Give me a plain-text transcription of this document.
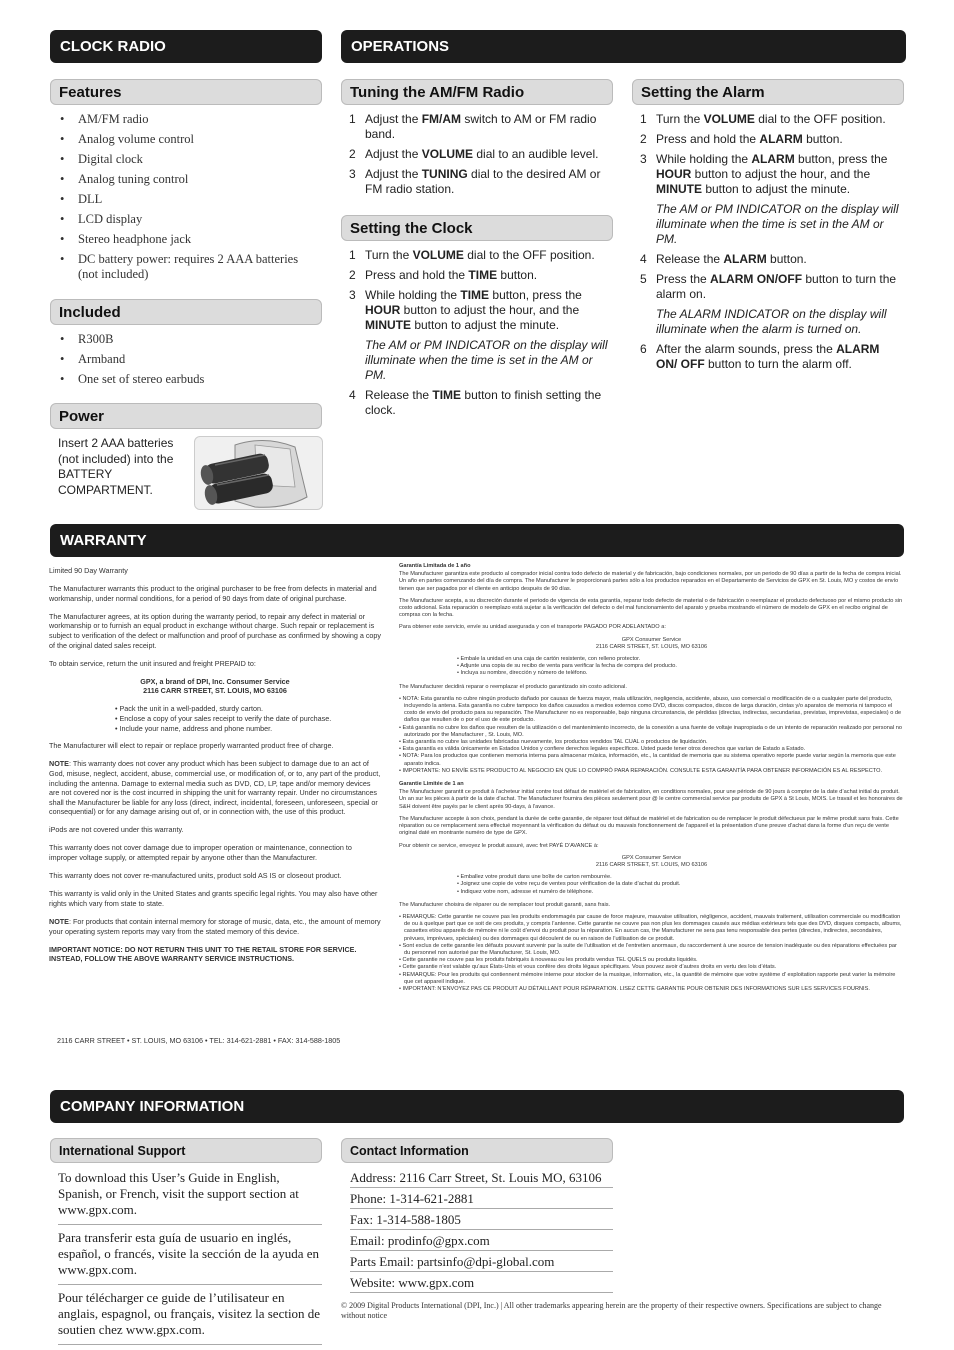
CLOCK RADIO	OPERATIONS
Features
• AM/FM radio
• Analog volume control
• Digital clock
• Analog tuning control
• DLL
• LCD display
• Stereo headphone jack
• DC battery power: requires 2 AAA batteries (not included)
Included
• R300B
• Armband
• One set of stereo earbuds
Power
Insert 2 AAA batteries (not included) into the BATTERY COMPARTMENT.
Tuning the AM/FM Radio
1 Adjust the FM/AM switch to AM or FM radio band.
2 Adjust the VOLUME dial to an audible level.
3 Adjust the TUNING dial to the desired AM or FM radio station.
Setting the Clock
1 Turn the VOLUME dial to the OFF position.
2 Press and hold the TIME button.
3 While holding the TIME button, press the HOUR button to adjust the hour, and the MINUTE button to adjust the minute.
The AM or PM INDICATOR on the display will illuminate when the time is set in the AM or PM.
4 Release the TIME button to finish setting the clock.
Setting the Alarm
1 Turn the VOLUME dial to the OFF position.
2 Press and hold the ALARM button.
3 While holding the ALARM button, press the HOUR button to adjust the hour, and the MINUTE button to adjust the minute.
The AM or PM INDICATOR on the display will illuminate when the time is set in the AM or PM.
4 Release the ALARM button.
5 Press the ALARM ON/OFF button to turn the alarm on.
The ALARM INDICATOR on the display will illuminate when the alarm is turned on.
6 After the alarm sounds, press the ALARM ON/ OFF button to turn the alarm off.
WARRANTY

Limited 90 Day Warranty

The Manufacturer warrants this product to the original purchaser to be free from defects in material and workmanship, under normal conditions, for a period of 90 days from date of original purchase.

The Manufacturer agrees, at its option during the warranty period, to repair any defect in material or workmanship or to furnish an equal product in exchange without charge. Such repair or replacement is subject to verification of the defect or malfunction and proof of purchase as confirmed by showing a copy of the original dated sales receipt.

To obtain service, return the unit insured and freight PREPAID to:

GPX, a brand of DPI, Inc. Consumer Service
2116 CARR STREET, ST. LOUIS, MO 63106

• Pack the unit in a well-padded, sturdy carton.
• Enclose a copy of your sales receipt to verify the date of purchase.
• Include your name, address and phone number.

The Manufacturer will elect to repair or replace properly warranted product free of charge.

NOTE: This warranty does not cover any product which has been subject to damage due to an act of God, misuse, neglect, accident, abuse, commercial use, or modification of, or to, any part of the product, including the antenna. Damage to external media such as DVD, CD, LP, tape and/or memory devices are not covered nor is the cost incurred in shipping the unit for warranty repair. Under no circumstances shall the Manufacturer be liable for any loss (direct, indirect, incidental, foreseen, unforeseen, special or consequential) or for any damage arising out of, or in connection with, the use of this product.

iPods are not covered under this warranty.

This warranty does not cover damage due to improper operation or maintenance, connection to improper voltage supply, or attempted repair by anyone other than the Manufacturer.

This warranty does not cover re-manufactured units, product sold AS IS or closeout product.

This warranty is valid only in the United States and grants specific legal rights. You may also have other rights which vary from state to state.

NOTE: For products that contain internal memory for storage of music, data, etc., the amount of memory your operating system reports may vary from the stated memory of this device.

IMPORTANT NOTICE: DO NOT RETURN THIS UNIT TO THE RETAIL STORE FOR SERVICE. INSTEAD, FOLLOW THE ABOVE WARRANTY SERVICE INSTRUCTIONS.

2116 CARR STREET • ST. LOUIS, MO 63106 • TEL: 314-621-2881 • FAX: 314-588-1805

Garantía Limitada de 1 año

The Manufacturer garantiza este producto al comprador inicial contra todo defecto de material y de fabricación, bajo condiciones normales, por un periodo de 90 días a partir de la fecha de compra inicial. Un año en partes comenzando del día de compra. The Manufacturer le proporcionará partes sólo a los productos reparados en el Departamento de Servicios de GPX en St. Louis, MO y costos de envío tienen que ser pagados por el cliente en anticipo después de 90 días.

The Manufacturer acepta, a su discreción durante el periodo de vigencia de esta garantía, reparar todo defecto de material o de fabricación o reemplazar el producto defectuoso por el mismo producto sin costo adicional. Esta reparación o reemplazo está sujetar a la verificación del defecto o del mal funcionamiento del aparato y prueba mostrando el número de modelo de GPX en el recibo original de compras con la fecha.

Para obtener este servicio, envíe su unidad asegurada y con el transporte PAGADO POR ADELANTADO a:

GPX Consumer Service
2116 CARR STREET, ST. LOUIS, MO 63106

• Embale la unidad en una caja de cartón resistente, con relleno protector.
• Adjunte una copia de su recibo de venta para verificar la fecha de compra del producto.
• Incluya su nombre, dirección y número de teléfono.

The Manufacturer decidirá reparar o reemplazar el producto garantizado sin costo adicional.

• NOTA: Esta garantía no cubre ningún producto dañado por causas de fuerza mayor, mala utilización, negligencia, accidente, abuso, uso comercial o modificación de o a cualquier parte del producto, incluyendo la antena. Esta garantía no cubre tampoco los daños causados a medios externos como DVD, discos compactos, discos de larga duración, cintas y/o aparatos de memoria ni tampoco el costo de envío del producto para su reparación. The Manufacturer no es responsable, bajo ninguna circunstancia, de pérdidas (directas, indirectas, secundarias, previstas, imprevistas, especiales) o de daños que resulten de o por el uso de este producto.
• Está garantía no cubre los daños que resulten de la utilización o del mantenimiento incorrecto, de la conexión a una fuente de voltaje inapropiada o de un intento de reparación realizado por personal no autorizado por the Manufacturer , St. Louis, MO.
• Esta garantía no cubre las unidades fabricadas nuevamente, los productos vendidos TAL CUAL o productos de liquidación.
• Esta garantía es válida únicamente en Estados Unidos y confiere derechos legales específicos. Usted puede tener otros derechos que varían de Estado a Estado.
• NOTA: Para los productos que contienen memoria interna para almacenar música, información, etc., la cantidad de memoria que su sistema operativo reporte puede variar según la memoria que este aparato indica.
• IMPORTANTE: NO ENVÍE ESTE PRODUCTO AL NEGOCIO EN QUE LO COMPRÓ PARA REPARACIÓN. CONSULTE ESTA GARANTÍA PARA OBTENER INFORMACIÓN ES AL RESPECTO.

Garantie Limitée de 1 an

The Manufacturer garantit ce produit à l’acheteur initial contre tout défaut de matériel et de fabrication, en conditions normales, pour une période de 90 jours à compter de la date d’achat initial du produit. Un an sur les pièces à partir de la date d’achat. The Manufacturer fournira des pièces seulement pour @ le centre commercial service par produits de GPX à St Louis, MOIS. Le travail et les honoraires de S&H doivent être payés par le client après 90-days, à l’avance.

The Manufacturer accepte à son choix, pendant la durée de cette garantie, de réparer tout défaut de matériel et de fabrication ou de remplacer le produit défectueux par le même produit sans frais. Cette réparation ou ce remplacement sera effectué moyennant la vérification du défaut ou du mauvais fonctionnement de l’appareil et la présentation d’une preuve d’achat dans la forme d’un reçu de vente original daté en montrante numéro de type de GPX.

Pour obtenir ce service, envoyez le produit assuré, avec fret PAYÉ D’AVANCE à:

GPX Consumer Service
2116 CARR STREET, ST. LOUIS, MO 63106

• Emballez votre produit dans une boîte de carton rembourrée.
• Joignez une copie de votre reçu de ventes pour vérification de la date d’achat du produit.
• Indiquez votre nom, adresse et numéro de téléphone.

The Manufacturer choisira de réparer ou de remplacer tout produit garanti, sans frais.

• REMARQUE: Cette garantie ne couvre pas les produits endommagés par cause de force majeure, mauvaise utilisation, négligence, accident, mauvais traitement, utilisation commerciale ou modification de ou à quelque part que ce soit de ces produits, y compris l’antenne. Cette garantie ne couvre pas non plus les dommages causés aux médias extérieurs tels que des DVD, disques compacts, albums, cassettes et/ou appareils de mémoire ni le coût d’envoi du produit pour la réparation. En aucun cas, the Manufacturer ne sera pas tenu responsable des pertes (directes, indirectes, secondaires, prévues, imprévues, spéciales) ou des dommages qui découlent de ou en raison de l’utilisation de ce produit.
• Sont exclus de cette garantie les défauts pouvant survenir par la suite de l’utilisation et de l’entretien anormaux, du raccordement à une source de tension inadéquate ou des réparations effectuées par du personnel non autorisé par the Manufacturer, St. Louis, MO.
• Cette garantie ne couvre pas les produits fabriqués à nouveau ou les produits vendus TEL QUELS ou produits liquidés.
• Cette garantie n’est valable qu’aux États-Unis et vous confère des droits légaux spécifiques. Vous pouvez avoir d’autres droits en vertu des lois d’états.
• REMARQUE: Pour les produits qui contiennent mémoire interne pour stocker de la musique, information, etc., la quantité de mémoire que votre système d’ exploitation rapporte peut varier la mémoire que cet appareil indique.
• IMPORTANT: N’ENVOYEZ PAS CE PRODUIT AU DÉTAILLANT POUR RÉPARATION. LISEZ CETTE GARANTIE POUR OBTENIR DES INFORMATIONS SUR LES SERVICES FOURNIS.
COMPANY INFORMATION
International Support

To download this User’s Guide in English, Spanish, or French, visit the support section at www.gpx.com.

Para transferir esta guía de usuario en inglés, español, o francés, visite la sección de la ayuda en www.gpx.com.

Pour télécharger ce guide de l’utilisateur en anglais, espagnol, ou français, visitez la section de soutien chez www.gpx.com.

Contact Information
Address: 2116 Carr Street, St. Louis MO, 63106
Phone: 1-314-621-2881
Fax: 1-314-588-1805
Email: prodinfo@gpx.com
Parts Email: partsinfo@dpi-global.com
Website: www.gpx.com
© 2009 Digital Products International (DPI, Inc.) | All other trademarks appearing herein are the property of their respective owners. Specifications are subject to change without notice
